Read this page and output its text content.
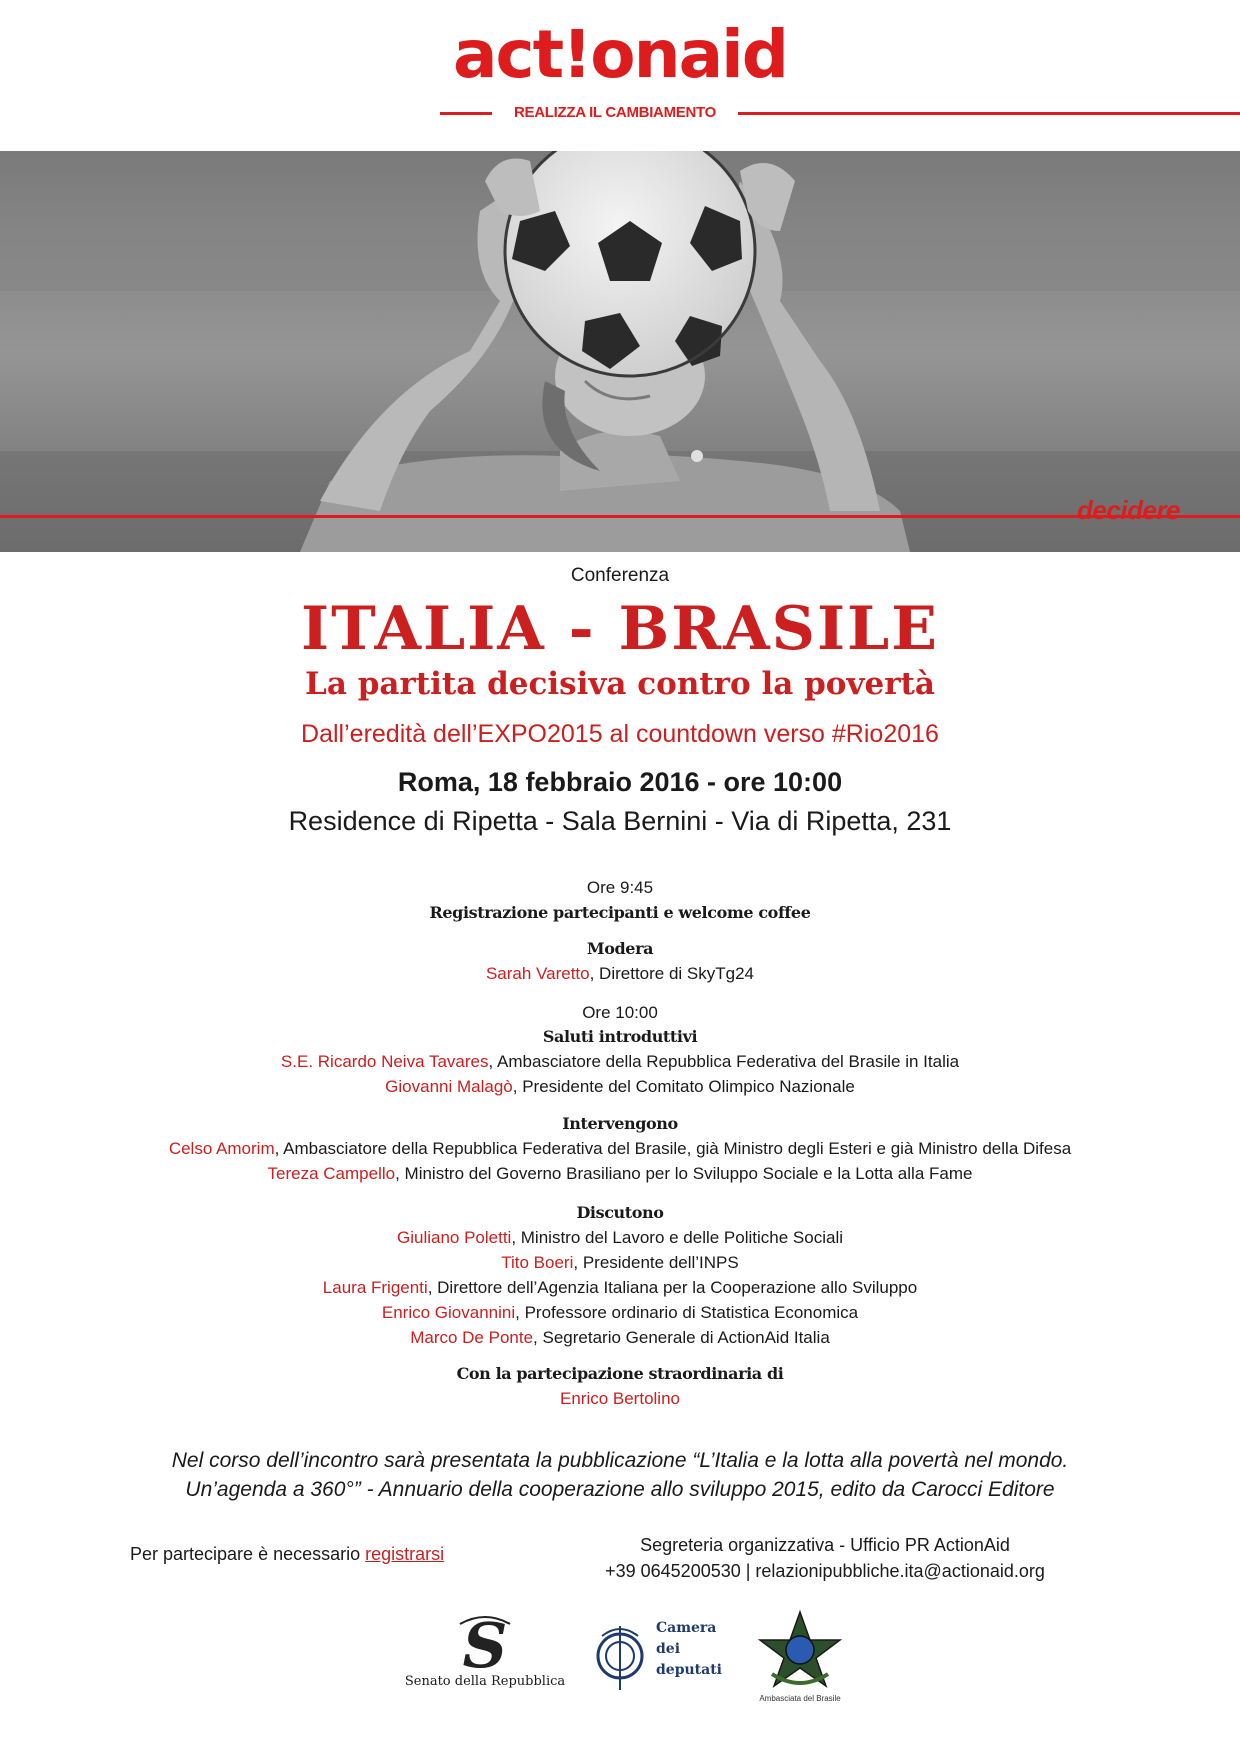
act!onaid
REALIZZA IL CAMBIAMENTO
decidere
Conferenza
ITALIA - BRASILE
La partita decisiva contro la povertà
Dall’eredità dell’EXPO2015 al countdown verso #Rio2016
Roma, 18 febbraio 2016 - ore 10:00
Residence di Ripetta - Sala Bernini - Via di Ripetta, 231
Ore 9:45
Registrazione partecipanti e welcome coffee
Modera
Sarah Varetto, Direttore di SkyTg24
Ore 10:00
Saluti introduttivi
S.E. Ricardo Neiva Tavares, Ambasciatore della Repubblica Federativa del Brasile in Italia
Giovanni Malagò, Presidente del Comitato Olimpico Nazionale
Intervengono
Celso Amorim, Ambasciatore della Repubblica Federativa del Brasile, già Ministro degli Esteri e già Ministro della Difesa
Tereza Campello, Ministro del Governo Brasiliano per lo Sviluppo Sociale e la Lotta alla Fame
Discutono
Giuliano Poletti, Ministro del Lavoro e delle Politiche Sociali
Tito Boeri, Presidente dell’INPS
Laura Frigenti, Direttore dell’Agenzia Italiana per la Cooperazione allo Sviluppo
Enrico Giovannini, Professore ordinario di Statistica Economica
Marco De Ponte, Segretario Generale di ActionAid Italia
Con la partecipazione straordinaria di
Enrico Bertolino
Nel corso dell’incontro sarà presentata la pubblicazione “L’Italia e la lotta alla povertà nel mondo.
Un’agenda a 360°” - Annuario della cooperazione allo sviluppo 2015, edito da Carocci Editore
Per partecipare è necessario registrarsi	Segreteria organizzativa - Ufficio PR ActionAid
+39 0645200530 | relazionipubbliche.ita@actionaid.org
S
Senato della Repubblica
Camera
dei
deputati
Ambasciata del Brasile
